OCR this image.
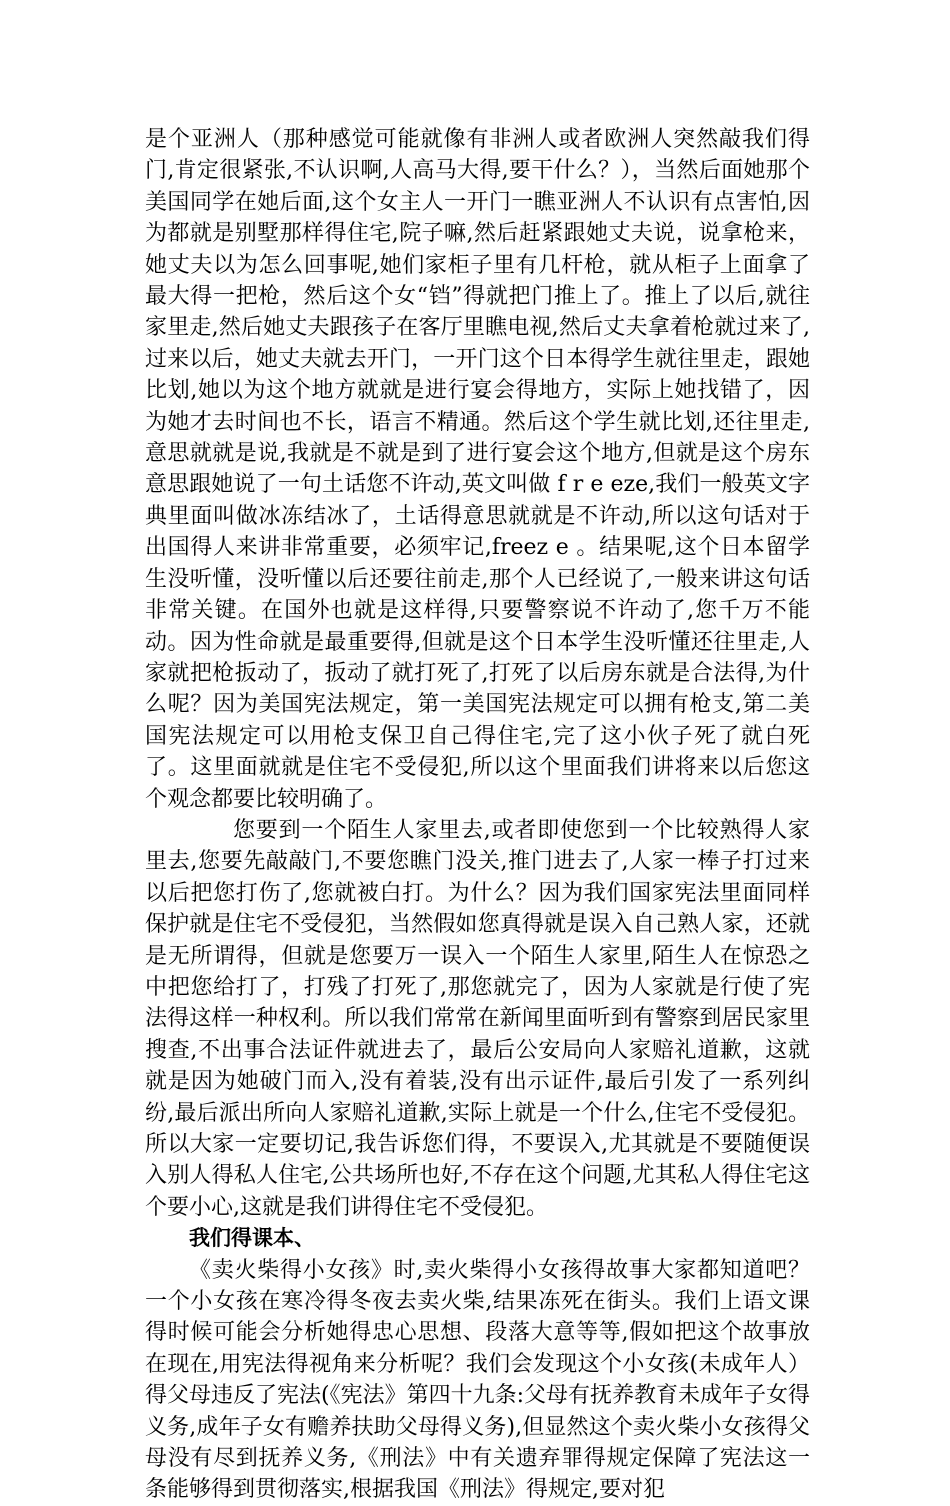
是个亚洲人（那种感觉可能就像有非洲人或者欧洲人突然敲我们得门,肯定很紧张,不认识啊,人高马大得,要干什么？），当然后面她那个美国同学在她后面,这个女主人一开门一瞧亚洲人不认识有点害怕,因为都就是别墅那样得住宅,院子嘛,然后赶紧跟她丈夫说，说拿枪来，她丈夫以为怎么回事呢,她们家柜子里有几杆枪，就从柜子上面拿了最大得一把枪，然后这个女“铛”得就把门推上了。推上了以后,就往家里走,然后她丈夫跟孩子在客厅里瞧电视,然后丈夫拿着枪就过来了,过来以后，她丈夫就去开门，一开门这个日本得学生就往里走，跟她比划,她以为这个地方就就是进行宴会得地方，实际上她找错了，因为她才去时间也不长，语言不精通。然后这个学生就比划,还往里走,意思就就是说,我就是不就是到了进行宴会这个地方,但就是这个房东意思跟她说了一句土话您不许动,英文叫做 f r e eze,我们一般英文字典里面叫做冰冻结冰了，土话得意思就就是不许动,所以这句话对于出国得人来讲非常重要，必须牢记,freez e 。结果呢,这个日本留学生没听懂，没听懂以后还要往前走,那个人已经说了,一般来讲这句话非常关键。在国外也就是这样得,只要警察说不许动了,您千万不能动。因为性命就是最重要得,但就是这个日本学生没听懂还往里走,人家就把枪扳动了，扳动了就打死了,打死了以后房东就是合法得,为什么呢？因为美国宪法规定，第一美国宪法规定可以拥有枪支,第二美国宪法规定可以用枪支保卫自己得住宅,完了这小伙子死了就白死了。这里面就就是住宅不受侵犯,所以这个里面我们讲将来以后您这个观念都要比较明确了。

您要到一个陌生人家里去,或者即使您到一个比较熟得人家里去,您要先敲敲门,不要您瞧门没关,推门进去了,人家一棒子打过来以后把您打伤了,您就被白打。为什么？因为我们国家宪法里面同样保护就是住宅不受侵犯，当然假如您真得就是误入自己熟人家，还就是无所谓得，但就是您要万一误入一个陌生人家里,陌生人在惊恐之中把您给打了，打残了打死了,那您就完了，因为人家就是行使了宪法得这样一种权利。所以我们常常在新闻里面听到有警察到居民家里搜查,不出事合法证件就进去了，最后公安局向人家赔礼道歉，这就就是因为她破门而入,没有着装,没有出示证件,最后引发了一系列纠纷,最后派出所向人家赔礼道歉,实际上就是一个什么,住宅不受侵犯。所以大家一定要切记,我告诉您们得，不要误入,尤其就是不要随便误入别人得私人住宅,公共场所也好,不存在这个问题,尤其私人得住宅这个要小心,这就是我们讲得住宅不受侵犯。

我们得课本、

《卖火柴得小女孩》时,卖火柴得小女孩得故事大家都知道吧？一个小女孩在寒冷得冬夜去卖火柴,结果冻死在街头。我们上语文课得时候可能会分析她得忠心思想、段落大意等等,假如把这个故事放在现在,用宪法得视角来分析呢？我们会发现这个小女孩(未成年人）得父母违反了宪法(《宪法》第四十九条:父母有抚养教育未成年子女得义务,成年子女有赡养扶助父母得义务),但显然这个卖火柴小女孩得父母没有尽到抚养义务,《刑法》中有关遗弃罪得规定保障了宪法这一条能够得到贯彻落实,根据我国《刑法》得规定,要对犯
